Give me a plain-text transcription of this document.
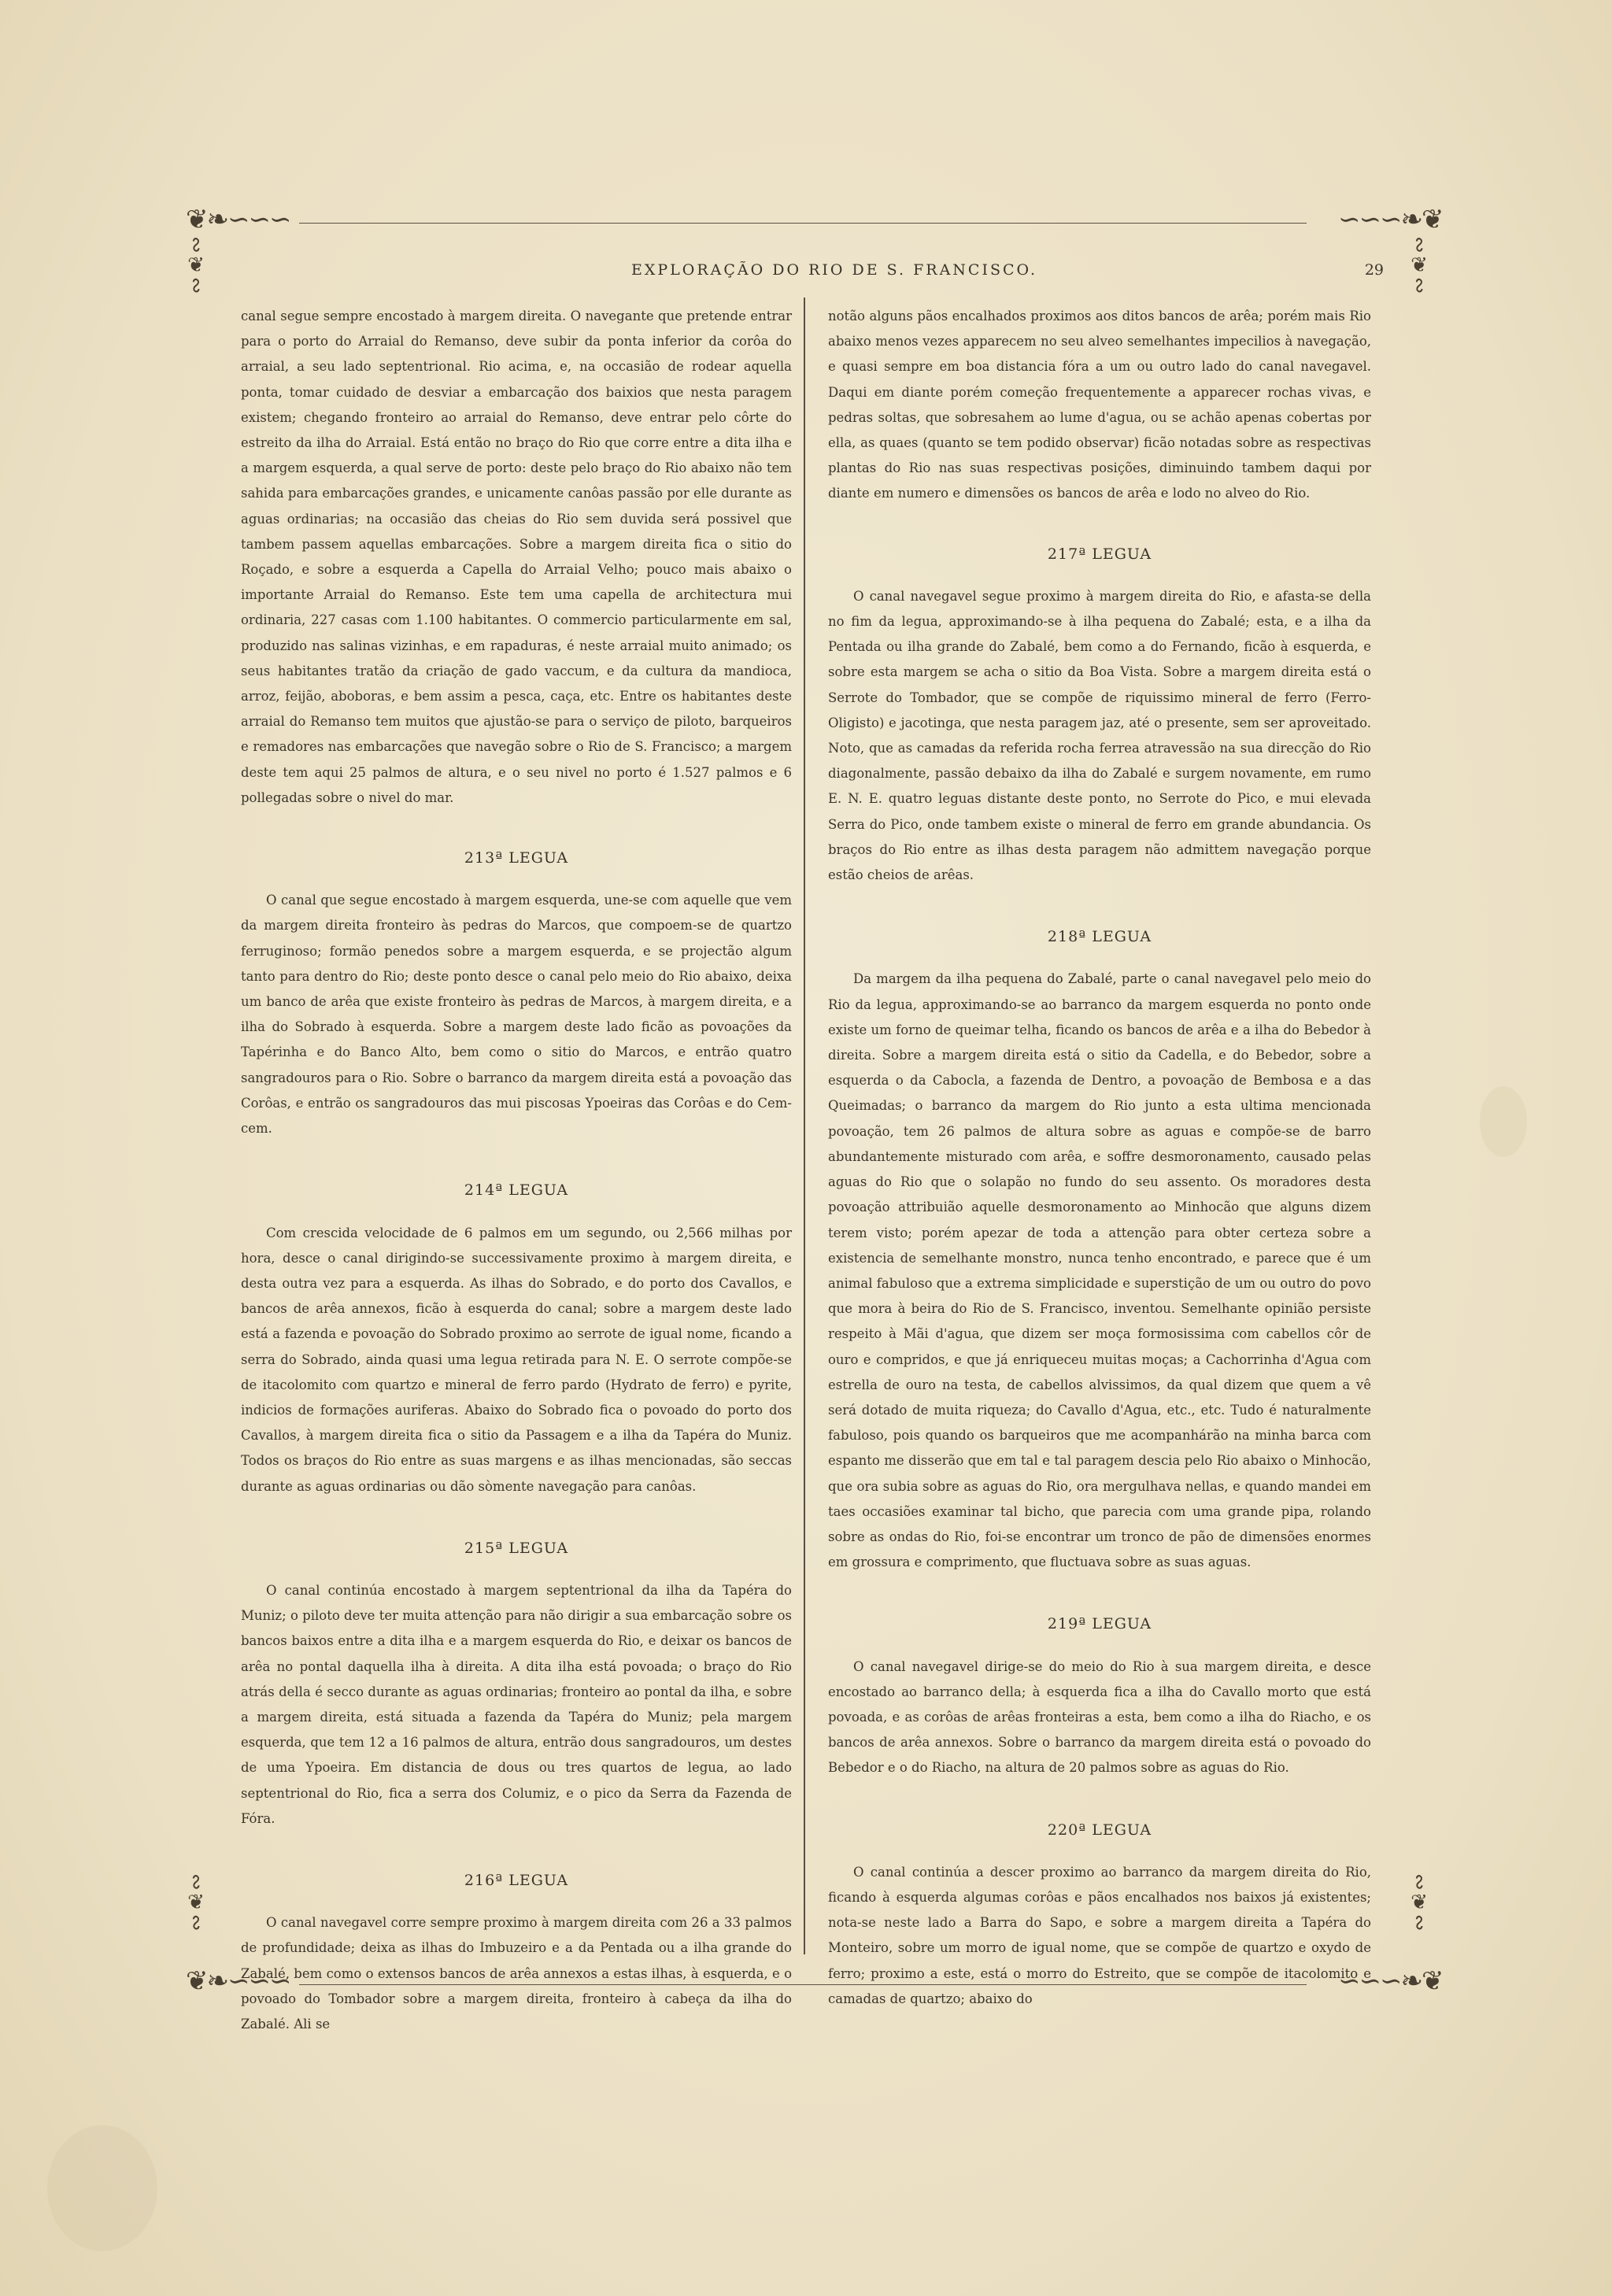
❦❧∽∽∽	∽∽∽❧❦
❦❧∽∽∽	∽∽∽❧❦
∾❦∾	∾❦∾
∾❦∾	∾❦∾
EXPLORAÇÃO DO RIO DE S. FRANCISCO.	29

canal segue sempre encostado à margem direita. O navegante que pretende entrar para o porto do Arraial do Remanso, deve subir da ponta inferior da corôa do arraial, a seu lado septentrional. Rio acima, e, na occasião de rodear aquella ponta, tomar cuidado de desviar a embarcação dos baixios que nesta paragem existem; chegando fronteiro ao arraial do Remanso, deve entrar pelo côrte do estreito da ilha do Arraial. Está então no braço do Rio que corre entre a dita ilha e a margem esquerda, a qual serve de porto: deste pelo braço do Rio abaixo não tem sahida para embarcações grandes, e unicamente canôas passão por elle durante as aguas ordinarias; na occasião das cheias do Rio sem duvida será possivel que tambem passem aquellas embarcações. Sobre a margem direita fica o sitio do Roçado, e sobre a esquerda a Capella do Arraial Velho; pouco mais abaixo o importante Arraial do Remanso. Este tem uma capella de architectura mui ordinaria, 227 casas com 1.100 habitantes. O commercio particularmente em sal, produzido nas salinas vizinhas, e em rapaduras, é neste arraial muito animado; os seus habitantes tratão da criação de gado vaccum, e da cultura da mandioca, arroz, feijão, aboboras, e bem assim a pesca, caça, etc. Entre os habitantes deste arraial do Remanso tem muitos que ajustão-se para o serviço de piloto, barqueiros e remadores nas embarcações que navegão sobre o Rio de S. Francisco; a margem deste tem aqui 25 palmos de altura, e o seu nivel no porto é 1.527 palmos e 6 pollegadas sobre o nivel do mar.

213ª LEGUA

O canal que segue encostado à margem esquerda, une-se com aquelle que vem da margem direita fronteiro às pedras do Marcos, que compoem-se de quartzo ferruginoso; formão penedos sobre a margem esquerda, e se projectão algum tanto para dentro do Rio; deste ponto desce o canal pelo meio do Rio abaixo, deixa um banco de arêa que existe fronteiro às pedras de Marcos, à margem direita, e a ilha do Sobrado à esquerda. Sobre a margem deste lado ficão as povoações da Tapérinha e do Banco Alto, bem como o sitio do Marcos, e entrão quatro sangradouros para o Rio. Sobre o barranco da margem direita está a povoação das Corôas, e entrão os sangradouros das mui piscosas Ypoeiras das Corôas e do Cem-cem.

214ª LEGUA

Com crescida velocidade de 6 palmos em um segundo, ou 2,566 milhas por hora, desce o canal dirigindo-se successivamente proximo à margem direita, e desta outra vez para a esquerda. As ilhas do Sobrado, e do porto dos Cavallos, e bancos de arêa annexos, ficão à esquerda do canal; sobre a margem deste lado está a fazenda e povoação do Sobrado proximo ao serrote de igual nome, ficando a serra do Sobrado, ainda quasi uma legua retirada para N. E. O serrote compõe-se de itacolomito com quartzo e mineral de ferro pardo (Hydrato de ferro) e pyrite, indicios de formações auriferas. Abaixo do Sobrado fica o povoado do porto dos Cavallos, à margem direita fica o sitio da Passagem e a ilha da Tapéra do Muniz. Todos os braços do Rio entre as suas margens e as ilhas mencionadas, são seccas durante as aguas ordinarias ou dão sòmente navegação para canôas.

215ª LEGUA

O canal continúa encostado à margem septentrional da ilha da Tapéra do Muniz; o piloto deve ter muita attenção para não dirigir a sua embarcação sobre os bancos baixos entre a dita ilha e a margem esquerda do Rio, e deixar os bancos de arêa no pontal daquella ilha à direita. A dita ilha está povoada; o braço do Rio atrás della é secco durante as aguas ordinarias; fronteiro ao pontal da ilha, e sobre a margem direita, está situada a fazenda da Tapéra do Muniz; pela margem esquerda, que tem 12 a 16 palmos de altura, entrão dous sangradouros, um destes de uma Ypoeira. Em distancia de dous ou tres quartos de legua, ao lado septentrional do Rio, fica a serra dos Columiz, e o pico da Serra da Fazenda de Fóra.

216ª LEGUA

O canal navegavel corre sempre proximo à margem direita com 26 a 33 palmos de profundidade; deixa as ilhas do Imbuzeiro e a da Pentada ou a ilha grande do Zabalé, bem como o extensos bancos de arêa annexos a estas ilhas, à esquerda, e o povoado do Tombador sobre a margem direita, fronteiro à cabeça da ilha do Zabalé. Ali se

notão alguns pãos encalhados proximos aos ditos bancos de arêa; porém mais Rio abaixo menos vezes apparecem no seu alveo semelhantes impecilios à navegação, e quasi sempre em boa distancia fóra a um ou outro lado do canal navegavel. Daqui em diante porém começão frequentemente a apparecer rochas vivas, e pedras soltas, que sobresahem ao lume d'agua, ou se achão apenas cobertas por ella, as quaes (quanto se tem podido observar) ficão notadas sobre as respectivas plantas do Rio nas suas respectivas posições, diminuindo tambem daqui por diante em numero e dimensões os bancos de arêa e lodo no alveo do Rio.

217ª LEGUA

O canal navegavel segue proximo à margem direita do Rio, e afasta-se della no fim da legua, approximando-se à ilha pequena do Zabalé; esta, e a ilha da Pentada ou ilha grande do Zabalé, bem como a do Fernando, ficão à esquerda, e sobre esta margem se acha o sitio da Boa Vista. Sobre a margem direita está o Serrote do Tombador, que se compõe de riquissimo mineral de ferro (Ferro-Oligisto) e jacotinga, que nesta paragem jaz, até o presente, sem ser aproveitado. Noto, que as camadas da referida rocha ferrea atravessão na sua direcção do Rio diagonalmente, passão debaixo da ilha do Zabalé e surgem novamente, em rumo E. N. E. quatro leguas distante deste ponto, no Serrote do Pico, e mui elevada Serra do Pico, onde tambem existe o mineral de ferro em grande abundancia. Os braços do Rio entre as ilhas desta paragem não admittem navegação porque estão cheios de arêas.

218ª LEGUA

Da margem da ilha pequena do Zabalé, parte o canal navegavel pelo meio do Rio da legua, approximando-se ao barranco da margem esquerda no ponto onde existe um forno de queimar telha, ficando os bancos de arêa e a ilha do Bebedor à direita. Sobre a margem direita está o sitio da Cadella, e do Bebedor, sobre a esquerda o da Cabocla, a fazenda de Dentro, a povoação de Bembosa e a das Queimadas; o barranco da margem do Rio junto a esta ultima mencionada povoação, tem 26 palmos de altura sobre as aguas e compõe-se de barro abundantemente misturado com arêa, e soffre desmoronamento, causado pelas aguas do Rio que o solapão no fundo do seu assento. Os moradores desta povoação attribuião aquelle desmoronamento ao Minhocão que alguns dizem terem visto; porém apezar de toda a attenção para obter certeza sobre a existencia de semelhante monstro, nunca tenho encontrado, e parece que é um animal fabuloso que a extrema simplicidade e superstição de um ou outro do povo que mora à beira do Rio de S. Francisco, inventou. Semelhante opinião persiste respeito à Mãi d'agua, que dizem ser moça formosissima com cabellos côr de ouro e compridos, e que já enriqueceu muitas moças; a Cachorrinha d'Agua com estrella de ouro na testa, de cabellos alvissimos, da qual dizem que quem a vê será dotado de muita riqueza; do Cavallo d'Agua, etc., etc. Tudo é naturalmente fabuloso, pois quando os barqueiros que me acompanhárão na minha barca com espanto me disserão que em tal e tal paragem descia pelo Rio abaixo o Minhocão, que ora subia sobre as aguas do Rio, ora mergulhava nellas, e quando mandei em taes occasiões examinar tal bicho, que parecia com uma grande pipa, rolando sobre as ondas do Rio, foi-se encontrar um tronco de pão de dimensões enormes em grossura e comprimento, que fluctuava sobre as suas aguas.

219ª LEGUA

O canal navegavel dirige-se do meio do Rio à sua margem direita, e desce encostado ao barranco della; à esquerda fica a ilha do Cavallo morto que está povoada, e as corôas de arêas fronteiras a esta, bem como a ilha do Riacho, e os bancos de arêa annexos. Sobre o barranco da margem direita está o povoado do Bebedor e o do Riacho, na altura de 20 palmos sobre as aguas do Rio.

220ª LEGUA

O canal continúa a descer proximo ao barranco da margem direita do Rio, ficando à esquerda algumas corôas e pãos encalhados nos baixos já existentes; nota-se neste lado a Barra do Sapo, e sobre a margem direita a Tapéra do Monteiro, sobre um morro de igual nome, que se compõe de quartzo e oxydo de ferro; proximo a este, está o morro do Estreito, que se compõe de itacolomito e camadas de quartzo; abaixo do
